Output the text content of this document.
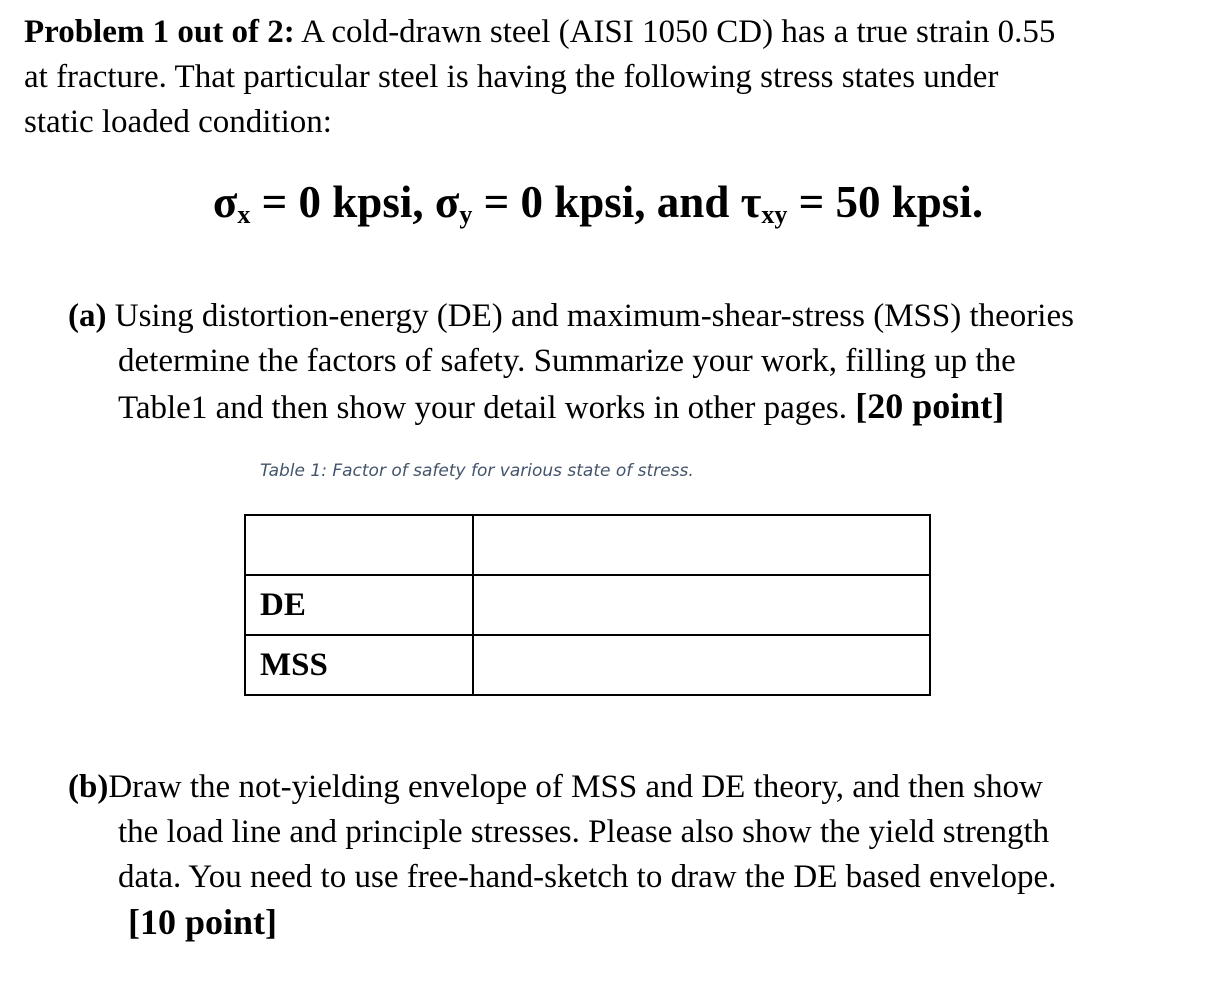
Problem 1 out of 2: A cold-drawn steel (AISI 1050 CD) has a true strain 0.55
at fracture. That particular steel is having the following stress states under
static loaded condition:
$\sigma_x = 0$ kpsi, $\sigma_y = 0$ kpsi, and $\tau_{xy} = 50$ kpsi.
(a) Using distortion-energy (DE) and maximum-shear-stress (MSS) theories
determine the factors of safety. Summarize your work, filling up the
Table1 and then show your detail works in other pages. [20 point]
Table 1: Factor of safety for various state of stress.

DE	
MSS	
(b)Draw the not-yielding envelope of MSS and DE theory, and then show
the load line and principle stresses. Please also show the yield strength
data. You need to use free-hand-sketch to draw the DE based envelope.
[10 point]
